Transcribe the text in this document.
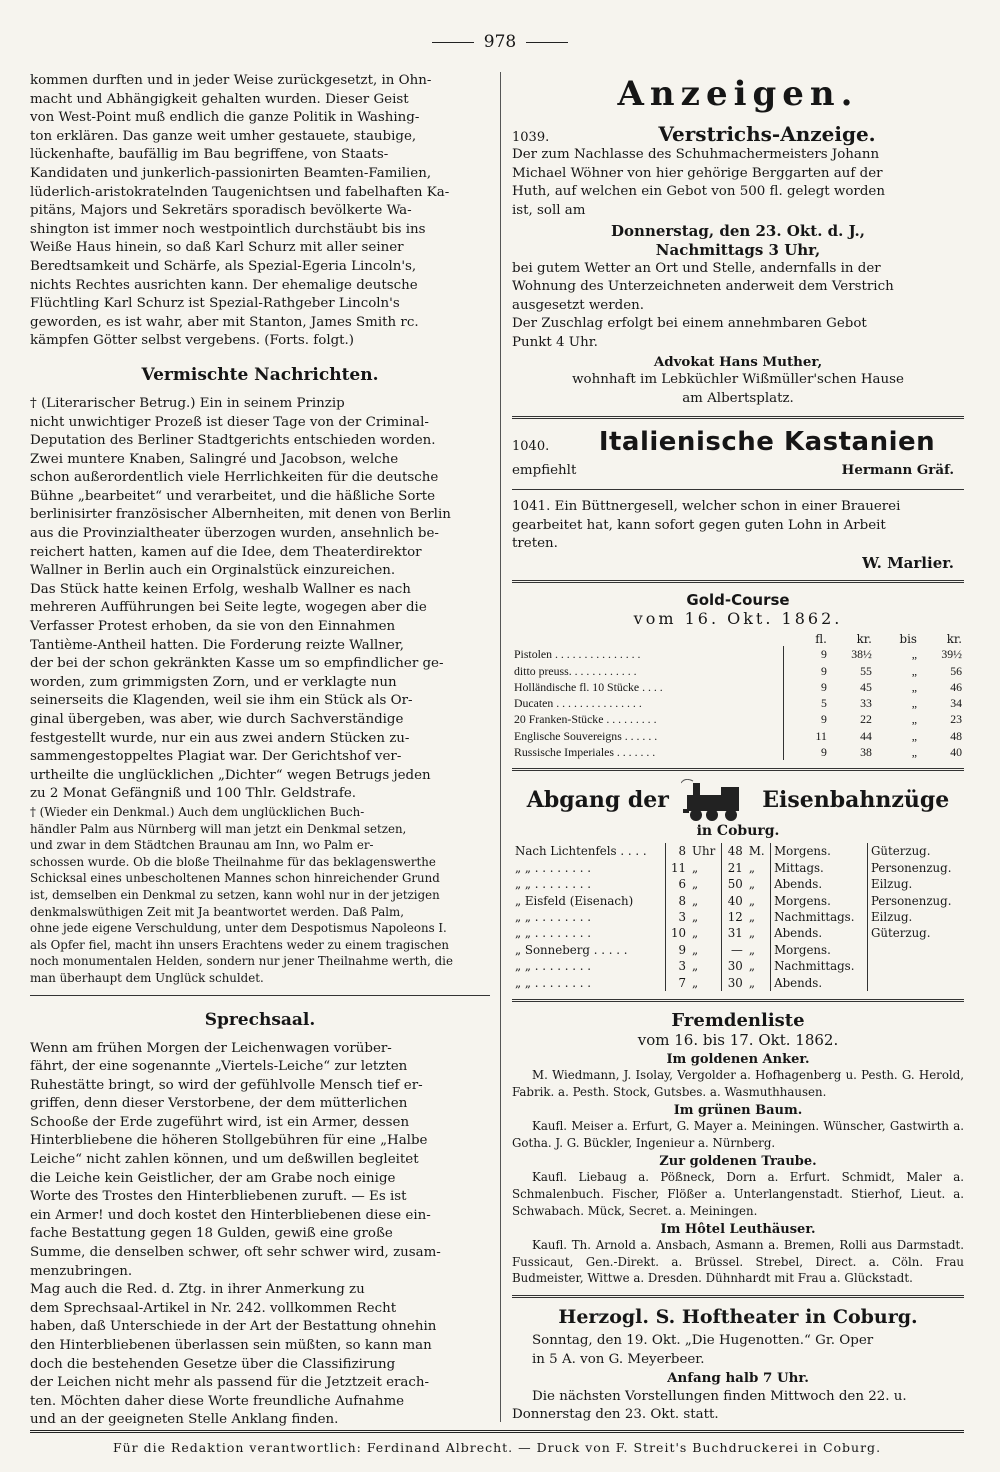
978

kommen durften und in jeder Weise zurückgesetzt, in Ohn-

macht und Abhängigkeit gehalten wurden. Dieser Geist

von West-Point muß endlich die ganze Politik in Washing-

ton erklären. Das ganze weit umher gestauete, staubige,

lückenhafte, baufällig im Bau begriffene, von Staats-

Kandidaten und junkerlich-passionirten Beamten-Familien,

lüderlich-aristokratelnden Taugenichtsen und fabelhaften Ka-

pitäns, Majors und Sekretärs sporadisch bevölkerte Wa-

shington ist immer noch westpointlich durchstäubt bis ins

Weiße Haus hinein, so daß Karl Schurz mit aller seiner

Beredtsamkeit und Schärfe, als Spezial-Egeria Lincoln's,

nichts Rechtes ausrichten kann. Der ehemalige deutsche

Flüchtling Karl Schurz ist Spezial-Rathgeber Lincoln's

geworden, es ist wahr, aber mit Stanton, James Smith rc.

kämpfen Götter selbst vergebens. (Forts. folgt.)

Vermischte Nachrichten.

† (Literarischer Betrug.) Ein in seinem Prinzip

nicht unwichtiger Prozeß ist dieser Tage von der Criminal-

Deputation des Berliner Stadtgerichts entschieden worden.

Zwei muntere Knaben, Salingré und Jacobson, welche

schon außerordentlich viele Herrlichkeiten für die deutsche

Bühne „bearbeitet“ und verarbeitet, und die häßliche Sorte

berlinisirter französischer Albernheiten, mit denen von Berlin

aus die Provinzialtheater überzogen wurden, ansehnlich be-

reichert hatten, kamen auf die Idee, dem Theaterdirektor

Wallner in Berlin auch ein Orginalstück einzureichen.

Das Stück hatte keinen Erfolg, weshalb Wallner es nach

mehreren Aufführungen bei Seite legte, wogegen aber die

Verfasser Protest erhoben, da sie von den Einnahmen

Tantième-Antheil hatten. Die Forderung reizte Wallner,

der bei der schon gekränkten Kasse um so empfindlicher ge-

worden, zum grimmigsten Zorn, und er verklagte nun

seinerseits die Klagenden, weil sie ihm ein Stück als Or-

ginal übergeben, was aber, wie durch Sachverständige

festgestellt wurde, nur ein aus zwei andern Stücken zu-

sammengestoppeltes Plagiat war. Der Gerichtshof ver-

urtheilte die unglücklichen „Dichter“ wegen Betrugs jeden

zu 2 Monat Gefängniß und 100 Thlr. Geldstrafe.

† (Wieder ein Denkmal.) Auch dem unglücklichen Buch-

händler Palm aus Nürnberg will man jetzt ein Denkmal setzen,

und zwar in dem Städtchen Braunau am Inn, wo Palm er-

schossen wurde. Ob die bloße Theilnahme für das beklagenswerthe

Schicksal eines unbescholtenen Mannes schon hinreichender Grund

ist, demselben ein Denkmal zu setzen, kann wohl nur in der jetzigen

denkmalswüthigen Zeit mit Ja beantwortet werden. Daß Palm,

ohne jede eigene Verschuldung, unter dem Despotismus Napoleons I.

als Opfer fiel, macht ihn unsers Erachtens weder zu einem tragischen

noch monumentalen Helden, sondern nur jener Theilnahme werth, die

man überhaupt dem Unglück schuldet.

Sprechsaal.

Wenn am frühen Morgen der Leichenwagen vorüber-

fährt, der eine sogenannte „Viertels-Leiche“ zur letzten

Ruhestätte bringt, so wird der gefühlvolle Mensch tief er-

griffen, denn dieser Verstorbene, der dem mütterlichen

Schooße der Erde zugeführt wird, ist ein Armer, dessen

Hinterbliebene die höheren Stollgebühren für eine „Halbe

Leiche“ nicht zahlen können, und um deßwillen begleitet

die Leiche kein Geistlicher, der am Grabe noch einige

Worte des Trostes den Hinterbliebenen zuruft. — Es ist

ein Armer! und doch kostet den Hinterbliebenen diese ein-

fache Bestattung gegen 18 Gulden, gewiß eine große

Summe, die denselben schwer, oft sehr schwer wird, zusam-

menzubringen.

Mag auch die Red. d. Ztg. in ihrer Anmerkung zu

dem Sprechsaal-Artikel in Nr. 242. vollkommen Recht

haben, daß Unterschiede in der Art der Bestattung ohnehin

den Hinterbliebenen überlassen sein müßten, so kann man

doch die bestehenden Gesetze über die Classifizirung

der Leichen nicht mehr als passend für die Jetztzeit erach-

ten. Möchten daher diese Worte freundliche Aufnahme

und an der geeigneten Stelle Anklang finden.

Anzeigen.
1039.	Verstrichs-Anzeige.

Der zum Nachlasse des Schuhmachermeisters Johann

Michael Wöhner von hier gehörige Berggarten auf der

Huth, auf welchen ein Gebot von 500 fl. gelegt worden

ist, soll am

Donnerstag, den 23. Okt. d. J.,

Nachmittags 3 Uhr,

bei gutem Wetter an Ort und Stelle, andernfalls in der

Wohnung des Unterzeichneten anderweit dem Verstrich

ausgesetzt werden.

Der Zuschlag erfolgt bei einem annehmbaren Gebot

Punkt 4 Uhr.

Advokat Hans Muther,

wohnhaft im Lebküchler Wißmüller'schen Hause

am Albertsplatz.

1040.	Italienische Kastanien

empfiehlt	Hermann Gräf.

1041. Ein Büttnergesell, welcher schon in einer Brauerei

gearbeitet hat, kann sofort gegen guten Lohn in Arbeit

treten.

W. Marlier.

Gold-Course
vom 16. Okt. 1862.
	fl.	kr.	bis	kr.
Pistolen . . . . . . . . . . . . . . .	9	38½	„	39½
ditto preuss. . . . . . . . . . . .	9	55	„	56
Holländische fl. 10 Stücke . . . .	9	45	„	46
Ducaten . . . . . . . . . . . . . . .	5	33	„	34
20 Franken-Stücke . . . . . . . . .	9	22	„	23
Englische Souvereigns . . . . . .	11	44	„	48
Russische Imperiales . . . . . . .	9	38	„	40
Abgang der	Eisenbahnzüge
in Coburg.
Nach Lichtenfels . . . .	8	Uhr	48	M.	Morgens.	Güterzug.
„ „ . . . . . . . .	11	„	21	„	Mittags.	Personenzug.
„ „ . . . . . . . .	6	„	50	„	Abends.	Eilzug.
„ Eisfeld (Eisenach)	8	„	40	„	Morgens.	Personenzug.
„ „ . . . . . . . .	3	„	12	„	Nachmittags.	Eilzug.
„ „ . . . . . . . .	10	„	31	„	Abends.	Güterzug.
„ Sonneberg . . . . .	9	„	—	„	Morgens.	
„ „ . . . . . . . .	3	„	30	„	Nachmittags.	
„ „ . . . . . . . .	7	„	30	„	Abends.	
Fremdenliste
vom 16. bis 17. Okt. 1862.
Im goldenen Anker.

M. Wiedmann, J. Isolay, Vergolder a. Hofhagenberg u. Pesth. G. Herold, Fabrik. a. Pesth. Stock, Gutsbes. a. Wasmuthhausen.

Im grünen Baum.

Kaufl. Meiser a. Erfurt, G. Mayer a. Meiningen. Wünscher, Gastwirth a. Gotha. J. G. Bückler, Ingenieur a. Nürnberg.

Zur goldenen Traube.

Kaufl. Liebaug a. Pößneck, Dorn a. Erfurt. Schmidt, Maler a. Schmalenbuch. Fischer, Flößer a. Unterlangenstadt. Stierhof, Lieut. a. Schwabach. Mück, Secret. a. Meiningen.

Im Hôtel Leuthäuser.

Kaufl. Th. Arnold a. Ansbach, Asmann a. Bremen, Rolli aus Darmstadt. Fussicaut, Gen.-Direkt. a. Brüssel. Strebel, Direct. a. Cöln. Frau Budmeister, Wittwe a. Dresden. Dühnhardt mit Frau a. Glückstadt.

Herzogl. S. Hoftheater in Coburg.

Sonntag, den 19. Okt. „Die Hugenotten.“ Gr. Oper

in 5 A. von G. Meyerbeer.

Anfang halb 7 Uhr.

Die nächsten Vorstellungen finden Mittwoch den 22. u.

Donnerstag den 23. Okt. statt.

Für die Redaktion verantwortlich: Ferdinand Albrecht. — Druck von F. Streit's Buchdruckerei in Coburg.
